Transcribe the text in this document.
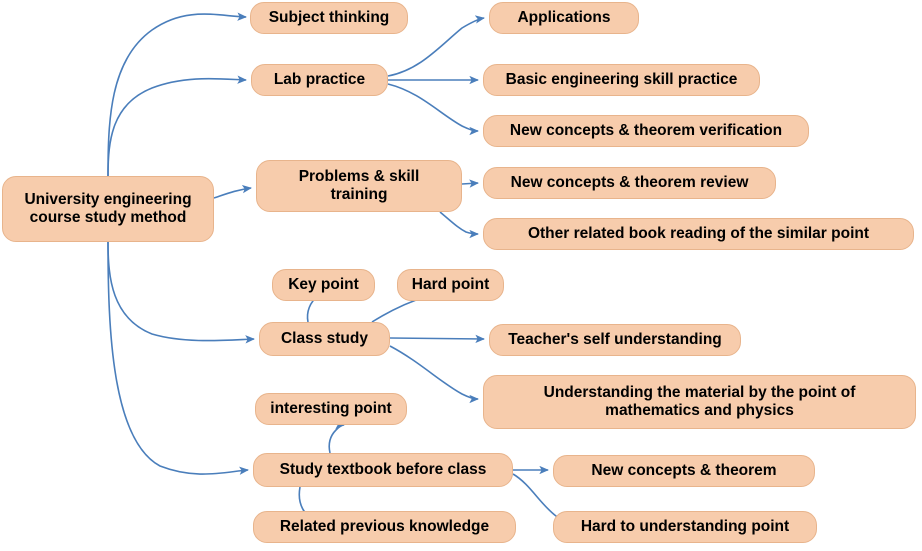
University engineering
course study method
Subject thinking
Lab practice
Applications
Basic engineering skill practice
New concepts & theorem verification
Problems & skill
training
New concepts & theorem review
Other related book reading of the similar point
Key point	Hard point
Class study	Teacher's self understanding
Understanding the material by the point of
mathematics and physics
interesting point
Study textbook before class	New concepts & theorem
Related previous knowledge	Hard to understanding point
